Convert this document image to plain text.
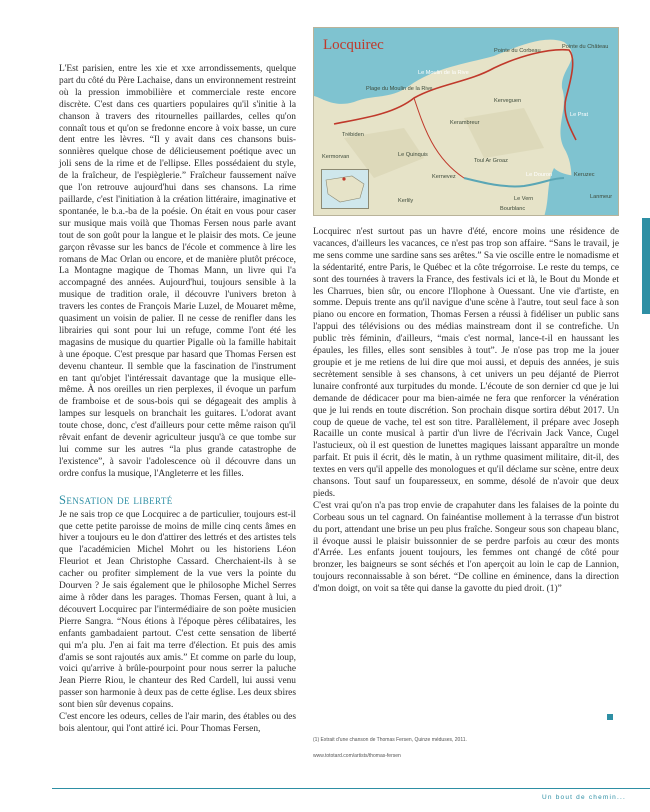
L'Est parisien, entre les xie et xxe arrondissements, quelque part du côté du Père Lachaise, dans un environnement restreint où la pression immobilière et commerciale reste encore discrète. C'est dans ces quartiers populaires qu'il s'initie à la chanson à travers des ritournelles paillardes, celles qu'on connaît tous et qu'on se fredonne encore à voix basse, un cure dent entre les lèvres. “Il y avait dans ces chansons buissonnières quelque chose de délicieusement poétique avec un joli sens de la rime et de l'ellipse. Elles possédaient du style, de la fraîcheur, de l'espièglerie.” Fraîcheur faussement naïve que l'on retrouve aujourd'hui dans ses chansons. La rime paillarde, c'est l'initiation à la création littéraire, imaginative et spontanée, le b.a.-ba de la poésie. On était en vous pour caser sur musique mais voilà que Thomas Fersen nous parle avant tout de son goût pour la langue et le plaisir des mots. Ce jeune garçon rêvasse sur les bancs de l'école et commence à lire les romans de Mac Orlan ou encore, et de manière plutôt précoce, La Montagne magique de Thomas Mann, un livre qui l'a accompagné des années. Aujourd'hui, toujours sensible à la musique de tradition orale, il découvre l'univers breton à travers les contes de François Marie Luzel, de Mouaret même, quasiment un voisin de palier. Il ne cesse de renifler dans les librairies qui sont pour lui un refuge, comme l'ont été les magasins de musique du quartier Pigalle où la famille habitait à une époque. C'est presque par hasard que Thomas Fersen est devenu chanteur. Il semble que la fascination de l'instrument en tant qu'objet l'intéressait davantage que la musique elle-même. À nos oreilles un rien perplexes, il évoque un parfum de framboise et de sous-bois qui se dégageait des amplis à lampes sur lesquels on branchait les guitares. L'odorat avant toute chose, donc, c'est d'ailleurs pour cette même raison qu'il rêvait enfant de devenir agriculteur jusqu'à ce que tombe sur lui comme sur les autres “la plus grande catastrophe de l'existence”, à savoir l'adolescence où il découvre dans un ordre confus la musique, l'Angleterre et les filles.

Sensation de liberté

Je ne sais trop ce que Locquirec a de particulier, toujours est-il que cette petite paroisse de moins de mille cinq cents âmes en hiver a toujours eu le don d'attirer des lettrés et des artistes tels que l'académicien Michel Mohrt ou les historiens Léon Fleuriot et Jean Christophe Cassard. Cherchaient-ils à se cacher ou profiter simplement de la vue vers la pointe du Dourven ? Je sais également que le philosophe Michel Serres aime à rôder dans les parages. Thomas Fersen, quant à lui, a découvert Locquirec par l'intermédiaire de son poète musicien Pierre Sangra. “Nous étions à l'époque pères célibataires, les enfants gambadaient partout. C'est cette sensation de liberté qui m'a plu. J'en ai fait ma terre d'élection. Et puis des amis d'amis se sont rajoutés aux amis.” Et comme on parle du loup, voici qu'arrive à brûle-pourpoint pour nous serrer la paluche Jean Pierre Riou, le chanteur des Red Cardell, lui aussi venu passer son harmonie à deux pas de cette église. Les deux sbires sont bien sûr devenus copains.

C'est encore les odeurs, celles de l'air marin, des étables ou des bois alentour, qui l'ont attiré ici. Pour Thomas Fersen,

Locquirec	Pointe du Corbeau
Pointe du Château
Le Moulin de la Rive
Plage du Moulin de la Rive
Kerveguen
Kerambreur
Le Prat
Trébiden
Kermorvan	Le Quinquis
Kernevez
Toul Ar Groaz
Le Douron	Keruzec
Kerlily	Le Vern
Bourblanc
Lanmeur

Locquirec n'est surtout pas un havre d'été, encore moins une résidence de vacances, d'ailleurs les vacances, ce n'est pas trop son affaire. “Sans le travail, je me sens comme une sardine sans ses arêtes.” Sa vie oscille entre le nomadisme et la sédentarité, entre Paris, le Québec et la côte trégorroise. Le reste du temps, ce sont des tournées à travers la France, des festivals ici et là, le Bout du Monde et les Charrues, bien sûr, ou encore l'Ilophone à Ouessant. Une vie d'artiste, en somme. Depuis trente ans qu'il navigue d'une scène à l'autre, tout seul face à son piano ou encore en formation, Thomas Fersen a réussi à fidéliser un public sans l'appui des télévisions ou des médias mainstream dont il se contrefiche. Un public très féminin, d'ailleurs, “mais c'est normal, lance-t-il en haussant les épaules, les filles, elles sont sensibles à tout”. Je n'ose pas trop me la jouer groupie et je me retiens de lui dire que moi aussi, et depuis des années, je suis secrètement sensible à ses chansons, à cet univers un peu déjanté de Pierrot lunaire confronté aux turpitudes du monde. L'écoute de son dernier cd que je lui demande de dédicacer pour ma bien-aimée ne fera que renforcer la vénération que je lui rends en toute discrétion. Son prochain disque sortira début 2017. Un coup de queue de vache, tel est son titre. Parallèlement, il prépare avec Joseph Racaille un conte musical à partir d'un livre de l'écrivain Jack Vance, Cugel l'astucieux, où il est question de lunettes magiques laissant apparaître un monde parfait. Et puis il écrit, dès le matin, à un rythme quasiment militaire, dit-il, des textes en vers qu'il appelle des monologues et qu'il déclame sur scène, entre deux chansons. Tout sauf un fouparesseux, en somme, désolé de n'avoir que deux pieds.

C'est vrai qu'on n'a pas trop envie de crapahuter dans les falaises de la pointe du Corbeau sous un tel cagnard. On fainéantise mollement à la terrasse d'un bistrot du port, attendant une brise un peu plus fraîche. Songeur sous son chapeau blanc, il évoque aussi le plaisir buissonnier de se perdre parfois au cœur des monts d'Arrée. Les enfants jouent toujours, les femmes ont changé de côté pour bronzer, les baigneurs se sont séchés et l'on aperçoit au loin le cap de Lannion, toujours reconnaissable à son béret. “De colline en éminence, dans la direction d'mon doigt, on voit sa tête qui danse la gavotte du pied droit. (1)”

(1) Extrait d'une chanson de Thomas Fersen, Quinze méduses, 2011.
www.tototard.com/artists/thomas-fersen
Un bout de chemin...
